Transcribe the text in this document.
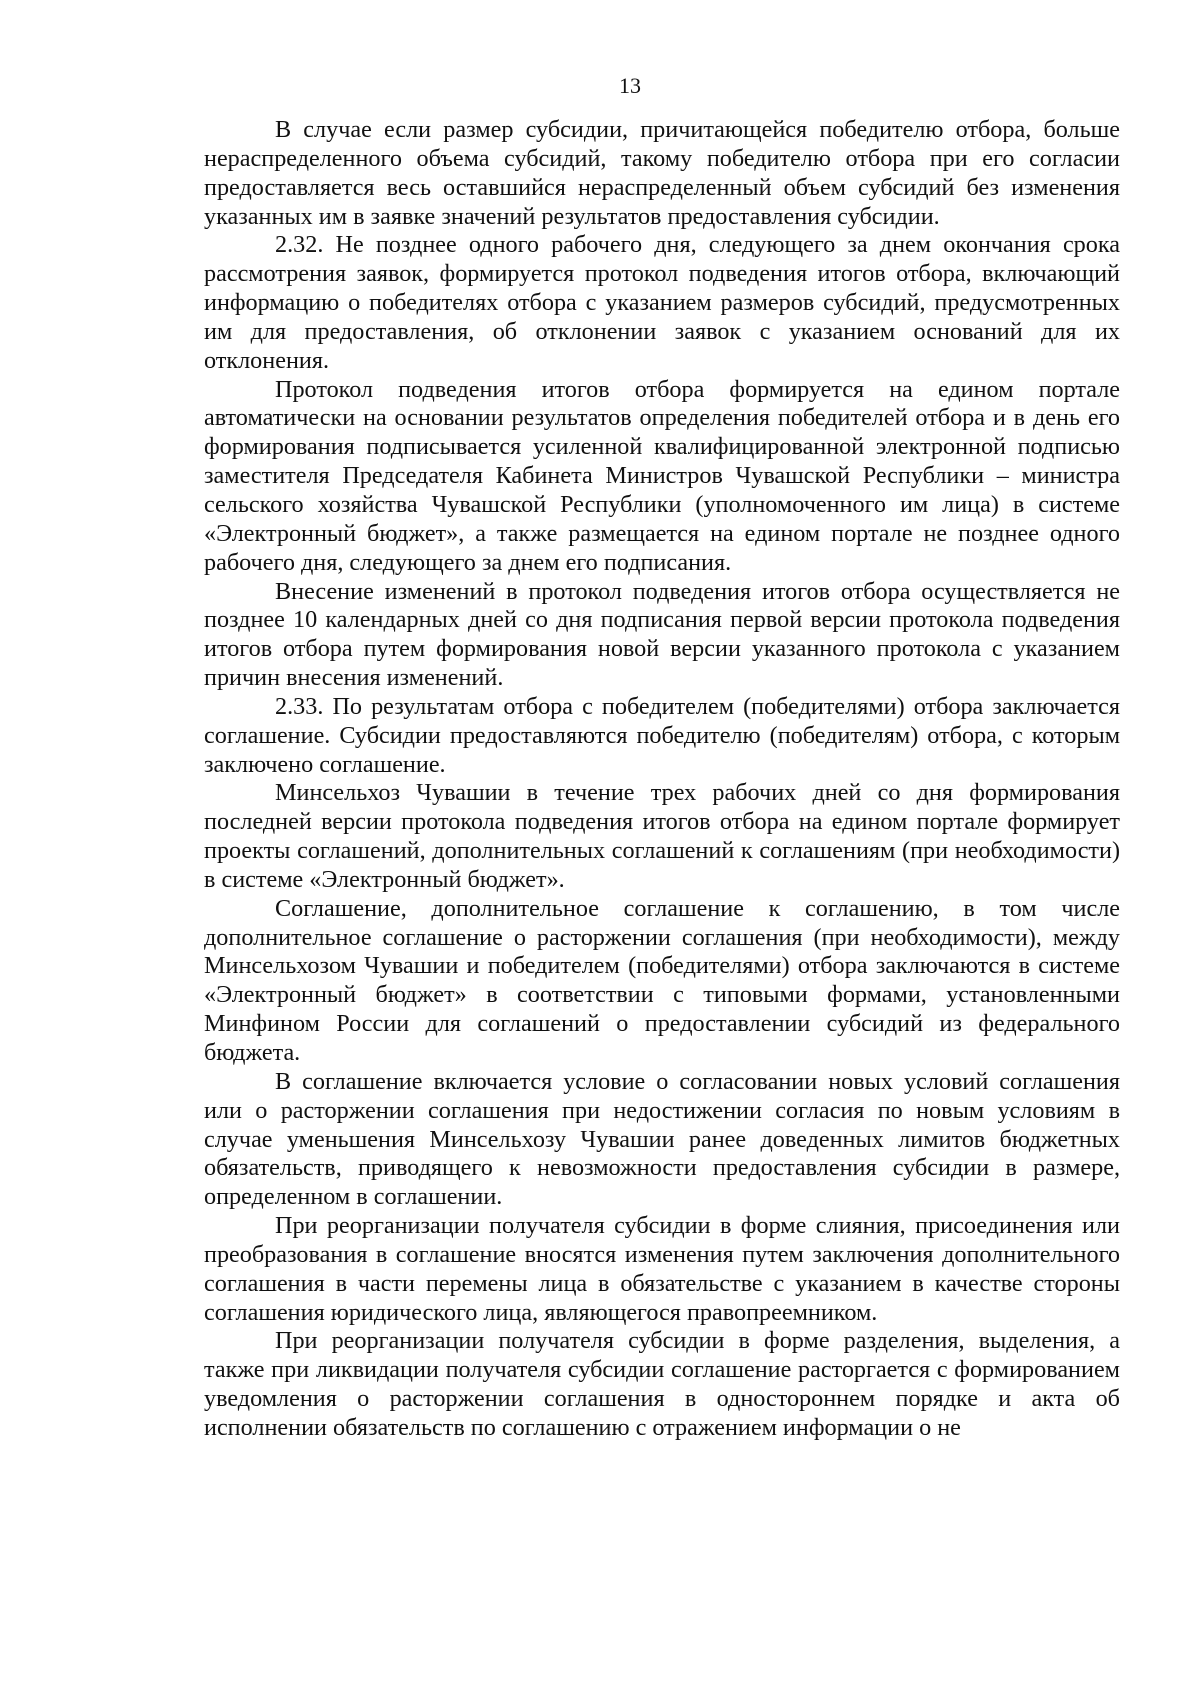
13

В случае если размер субсидии, причитающейся победителю отбора, больше нераспределенного объема субсидий, такому победителю отбора при его согласии предоставляется весь оставшийся нераспределенный объем субсидий без изменения указанных им в заявке значений результатов предоставления субсидии.

2.32. Не позднее одного рабочего дня, следующего за днем окончания срока рассмотрения заявок, формируется протокол подведения итогов отбора, включающий информацию о победителях отбора с указанием размеров субсидий, предусмотренных им для предоставления, об отклонении заявок с указанием оснований для их отклонения.

Протокол подведения итогов отбора формируется на едином портале автоматически на основании результатов определения победителей отбора и в день его формирования подписывается усиленной квалифицированной электронной подписью заместителя Председателя Кабинета Министров Чувашской Республики – министра сельского хозяйства Чувашской Республики (уполномоченного им лица) в системе «Электронный бюджет», а также размещается на едином портале не позднее одного рабочего дня, следующего за днем его подписания.

Внесение изменений в протокол подведения итогов отбора осуществляется не позднее 10 календарных дней со дня подписания первой версии протокола подведения итогов отбора путем формирования новой версии указанного протокола с указанием причин внесения изменений.

2.33. По результатам отбора с победителем (победителями) отбора заключается соглашение. Субсидии предоставляются победителю (победителям) отбора, с которым заключено соглашение.

Минсельхоз Чувашии в течение трех рабочих дней со дня формирования последней версии протокола подведения итогов отбора на едином портале формирует проекты соглашений, дополнительных соглашений к соглашениям (при необходимости) в системе «Электронный бюджет».

Соглашение, дополнительное соглашение к соглашению, в том числе дополнительное соглашение о расторжении соглашения (при необходимости), между Минсельхозом Чувашии и победителем (победителями) отбора заключаются в системе «Электронный бюджет» в соответствии с типовыми формами, установленными Минфином России для соглашений о предоставлении субсидий из федерального бюджета.

В соглашение включается условие о согласовании новых условий соглашения или о расторжении соглашения при недостижении согласия по новым условиям в случае уменьшения Минсельхозу Чувашии ранее доведенных лимитов бюджетных обязательств, приводящего к невозможности предоставления субсидии в размере, определенном в соглашении.

При реорганизации получателя субсидии в форме слияния, присоединения или преобразования в соглашение вносятся изменения путем заключения дополнительного соглашения в части перемены лица в обязательстве с указанием в качестве стороны соглашения юридического лица, являющегося правопреемником.

При реорганизации получателя субсидии в форме разделения, выделения, а также при ликвидации получателя субсидии соглашение расторгается с формированием уведомления о расторжении соглашения в одностороннем порядке и акта об исполнении обязательств по соглашению с отражением информации о не
